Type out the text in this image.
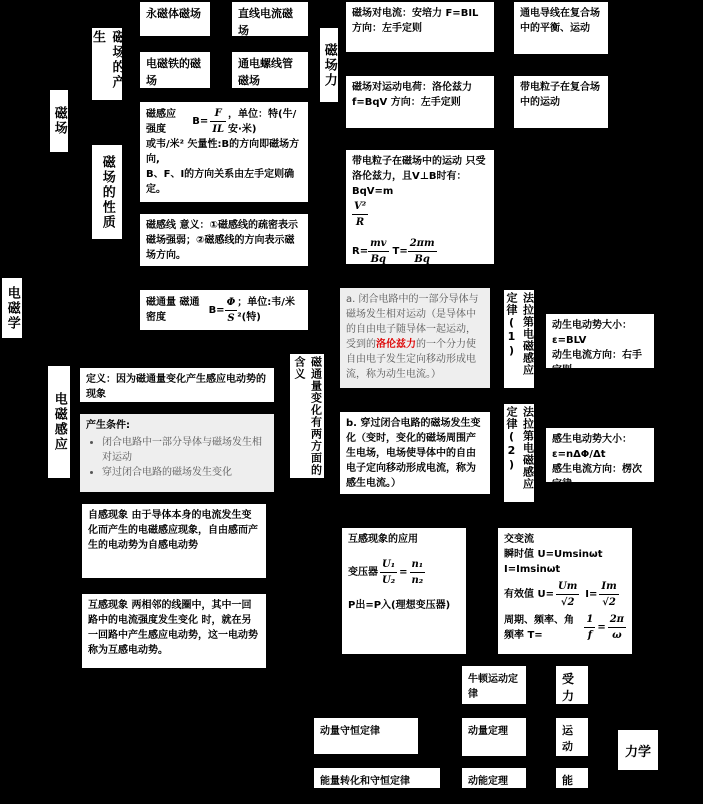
电磁学
磁场
磁场的产生
永磁体磁场	直线电流磁场
电磁铁的磁场
通电螺线管磁场
磁场的性质
磁感应强度
$B= \frac{F}{IL}$ ，单位：特(牛/安·米)
或韦/米² 矢量性:B的方向即磁场方向,
B、F、I的方向关系由左手定则确定。
磁感线 意义：①磁感线的疏密表示磁场强弱；②磁感线的方向表示磁场方向。
磁通量 磁通密度
$B= \frac{\Phi}{S}$ ；单位:韦/米²(特)
磁场力
磁场对电流：安培力 F=BIL 方向：左手定则
磁场对运动电荷：洛伦兹力 f=BqV 方向：左手定则
通电导线在复合场中的平衡、运动
带电粒子在复合场中的运动
带电粒子在磁场中的运动 只受洛伦兹力，且V⊥B时有：BqV=m
$\frac{\text{V²}}{R}$
$R= \frac{mv}{Bq} T= \frac{2\pi m}{Bq}$
电磁感应
定义：因为磁通量变化产生感应电动势的现象
产生条件:
• 闭合电路中一部分导体与磁场发生相对运动
• 穿过闭合电路的磁场发生变化	磁通量变化有两方面的含义
a. 闭合电路中的一部分导体与磁场发生相对运动（是导体中的自由电子随导体一起运动，受到的洛伦兹力的一个分力使自由电子发生定向移动形成电流，称为动生电流。）
b. 穿过闭合电路的磁场发生变化（变时，变化的磁场周围产生电场，电场使导体中的自由电子定向移动形成电流，称为感生电流。）
法拉第电磁感应定律(1)
法拉第电磁感应定律(2)
动生电动势大小：ε=BLV
动生电流方向：右手定则
感生电动势大小：ε=nΔΦ/Δt
感生电流方向：楞次定律
自感现象 由于导体本身的电流发生变化而产生的电磁感应现象，自由感而产生的电动势为自感电动势
互感现象 两相邻的线圈中，其中一回路中的电流强度发生变化 时，就在另一回路中产生感应电动势，这一电动势称为互感电动势。
互感现象的应用
变压器 $\frac{\text{U₁}}{\text{U₂}} = \frac{\text{n₁}}{\text{n₂}}$
P出=P入(理想变压器)
交变流
瞬时值 U=Umsinωt I=Imsinωt
有效值 $U= \frac{Um}{√2} I= \frac{Im}{√2}$
周期、频率、角频率 T=	$\frac{1}{f} = \frac{2\pi}{\omega}$
牛顿运动定律
受力
动量守恒定律	动量定理	运动	力学
能量转化和守恒定律	动能定理	能量
